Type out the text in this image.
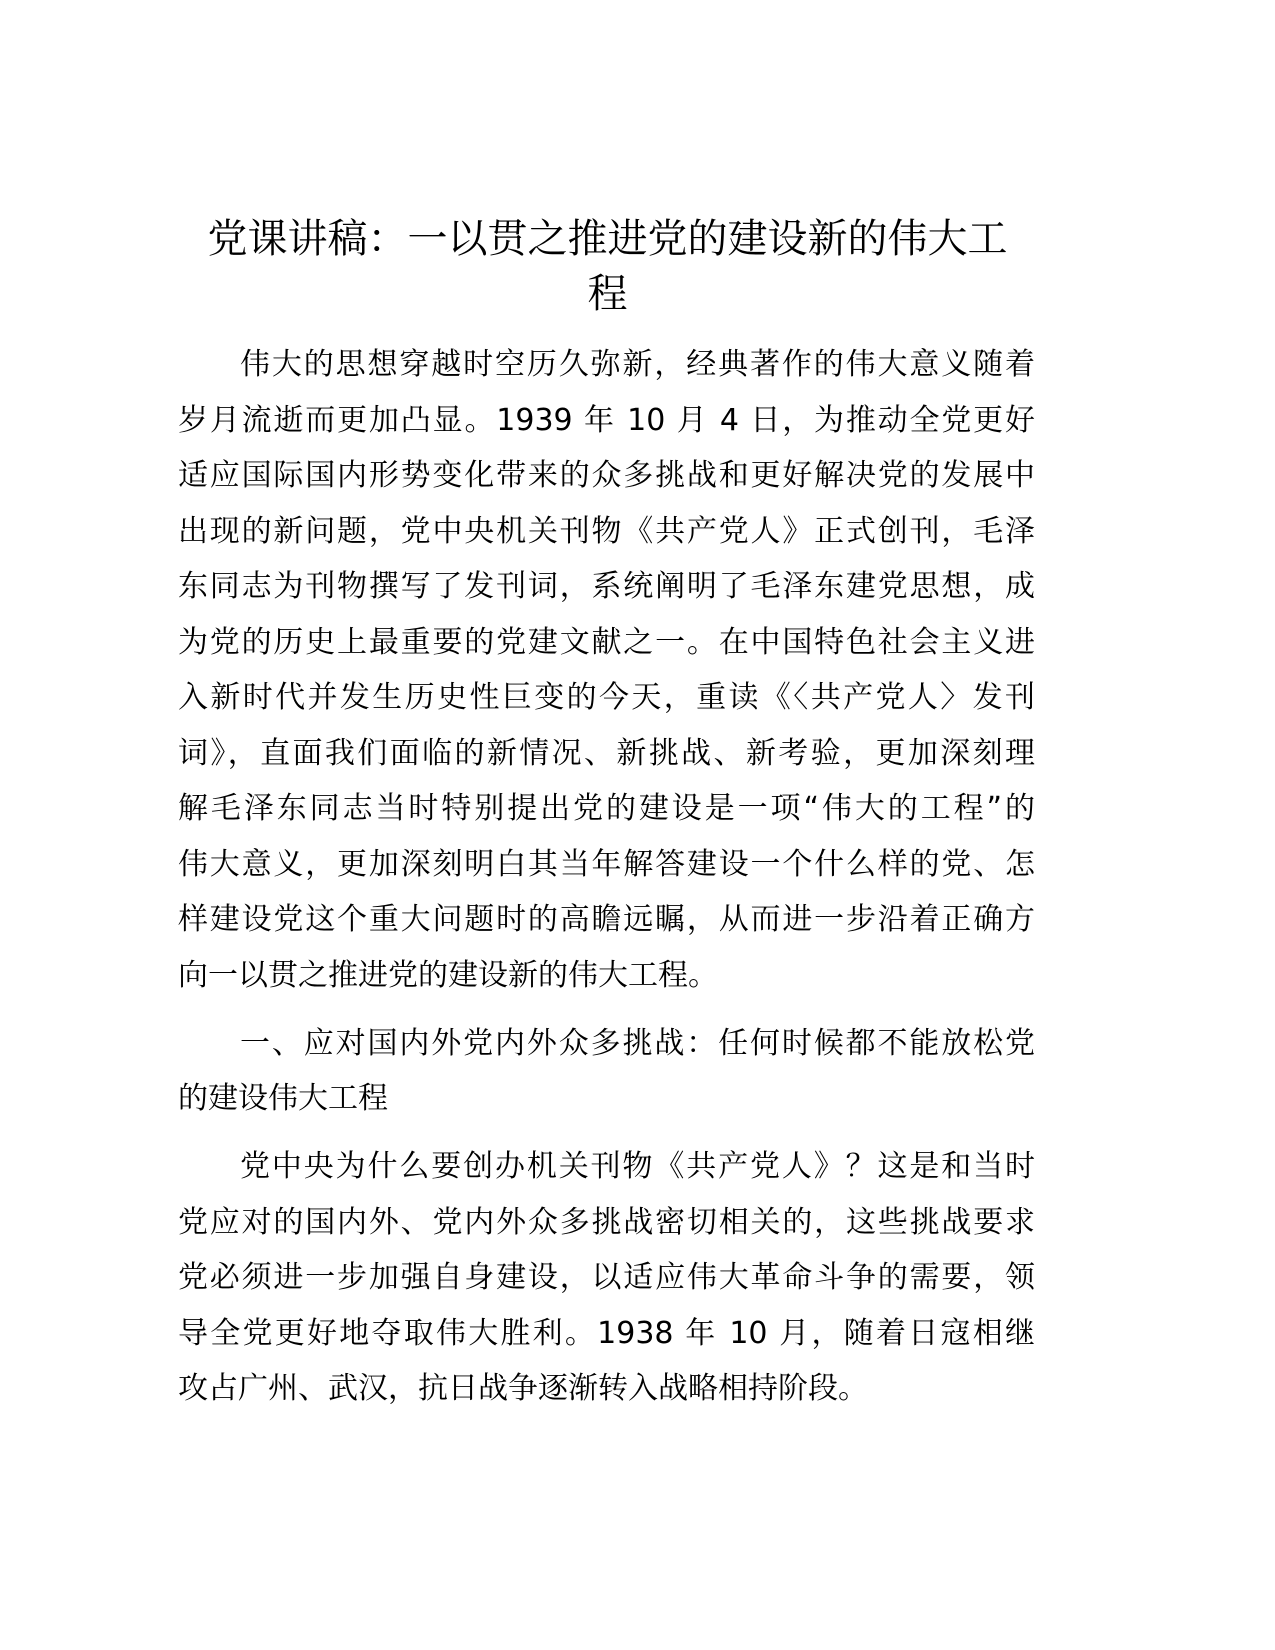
党课讲稿：一以贯之推进党的建设新的伟大工
程
伟大的思想穿越时空历久弥新，经典著作的伟大意义随着
岁月流逝而更加凸显。1939 年 10 月 4 日，为推动全党更好
适应国际国内形势变化带来的众多挑战和更好解决党的发展中
出现的新问题，党中央机关刊物《共产党人》正式创刊，毛泽
东同志为刊物撰写了发刊词，系统阐明了毛泽东建党思想，成
为党的历史上最重要的党建文献之一。在中国特色社会主义进
入新时代并发生历史性巨变的今天，重读《〈共产党人〉发刊
词》，直面我们面临的新情况、新挑战、新考验，更加深刻理
解毛泽东同志当时特别提出党的建设是一项“伟大的工程”的
伟大意义，更加深刻明白其当年解答建设一个什么样的党、怎
样建设党这个重大问题时的高瞻远瞩，从而进一步沿着正确方
向一以贯之推进党的建设新的伟大工程。
一、应对国内外党内外众多挑战：任何时候都不能放松党
的建设伟大工程
党中央为什么要创办机关刊物《共产党人》？这是和当时
党应对的国内外、党内外众多挑战密切相关的，这些挑战要求
党必须进一步加强自身建设，以适应伟大革命斗争的需要，领
导全党更好地夺取伟大胜利。1938 年 10 月，随着日寇相继
攻占广州、武汉，抗日战争逐渐转入战略相持阶段。
